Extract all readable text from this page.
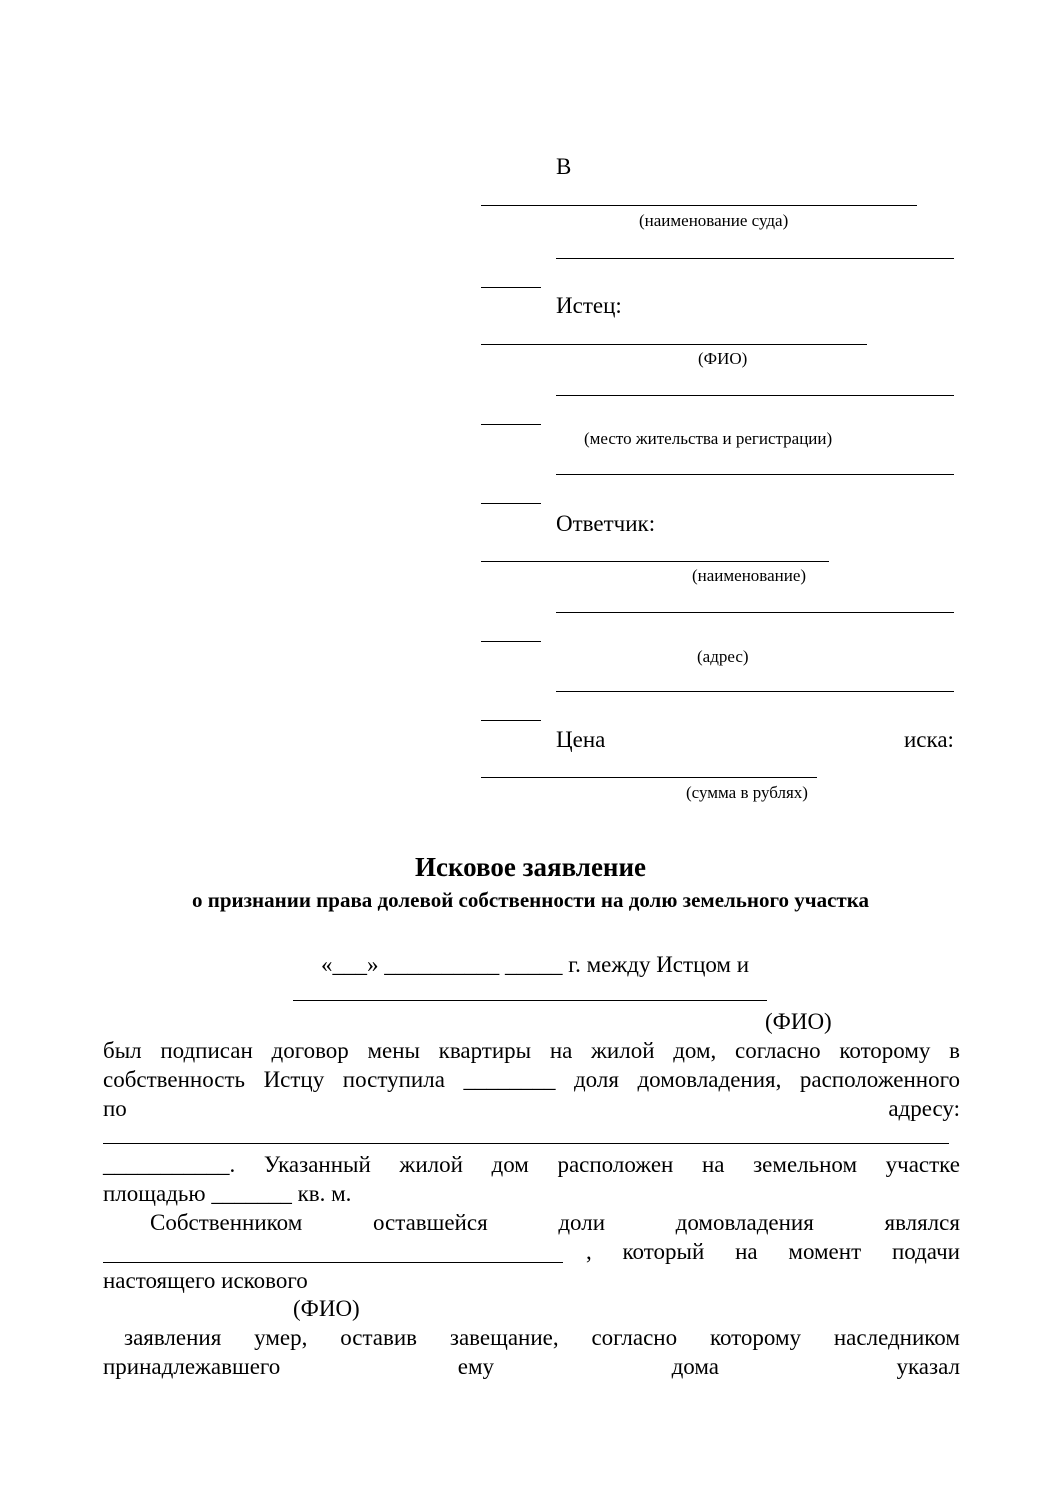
В
(наименование суда)
Истец:
(ФИО)
(место жительства и регистрации)
Ответчик:
(наименование)
(адрес)
Цена	иска:
(сумма в рублях)
Исковое заявление
о признании права долевой собственности на долю земельного участка
«___» __________ _____ г. между Истцом и
(ФИО)
был подписан договор мены квартиры на жилой дом, согласно которому в
собственность Истцу поступила ________ доля домовладения, расположенного
по	адресу:
___________. Указанный жилой дом расположен на земельном участке
площадью _______ кв. м.
Собственником	оставшейся	доли	домовладения	являлся
, который на момент подачи
настоящего искового
(ФИО)
заявления умер, оставив завещание, согласно которому наследником
принадлежавшего	ему	дома	указал
